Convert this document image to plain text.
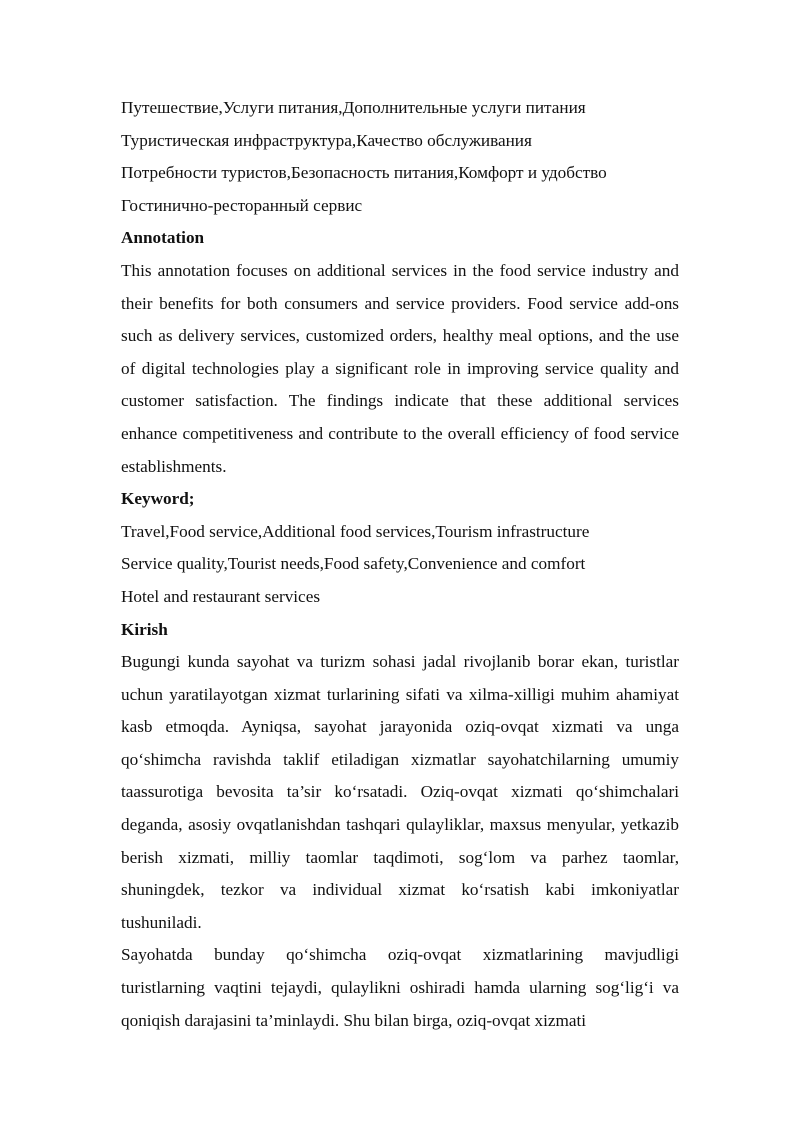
Путешествие,Услуги питания,Дополнительные услуги питания

Туристическая инфраструктура,Качество обслуживания

Потребности туристов,Безопасность питания,Комфорт и удобство

Гостинично-ресторанный сервис

Annotation

This annotation focuses on additional services in the food service industry and their benefits for both consumers and service providers. Food service add-ons such as delivery services, customized orders, healthy meal options, and the use of digital technologies play a significant role in improving service quality and customer satisfaction. The findings indicate that these additional services enhance competitiveness and contribute to the overall efficiency of food service establishments.

Keyword;

Travel,Food service,Additional food services,Tourism infrastructure

Service quality,Tourist needs,Food safety,Convenience and comfort

Hotel and restaurant services

Kirish

Bugungi kunda sayohat va turizm sohasi jadal rivojlanib borar ekan, turistlar uchun yaratilayotgan xizmat turlarining sifati va xilma-xilligi muhim ahamiyat kasb etmoqda. Ayniqsa, sayohat jarayonida oziq-ovqat xizmati va unga qo‘shimcha ravishda taklif etiladigan xizmatlar sayohatchilarning umumiy taassurotiga bevosita ta’sir ko‘rsatadi. Oziq-ovqat xizmati qo‘shimchalari deganda, asosiy ovqatlanishdan tashqari qulayliklar, maxsus menyular, yetkazib berish xizmati, milliy taomlar taqdimoti, sog‘lom va parhez taomlar, shuningdek, tezkor va individual xizmat ko‘rsatish kabi imkoniyatlar tushuniladi.

Sayohatda bunday qo‘shimcha oziq-ovqat xizmatlarining mavjudligi turistlarning vaqtini tejaydi, qulaylikni oshiradi hamda ularning sog‘lig‘i va qoniqish darajasini ta’minlaydi. Shu bilan birga, oziq-ovqat xizmati
